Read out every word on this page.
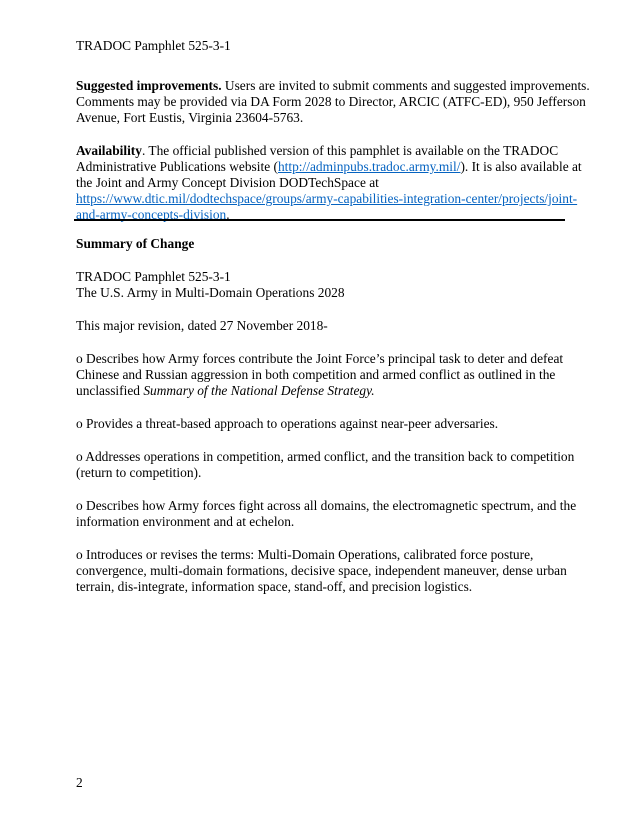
TRADOC Pamphlet 525-3-1

Suggested improvements. Users are invited to submit comments and suggested improvements.
Comments may be provided via DA Form 2028 to Director, ARCIC (ATFC-ED), 950 Jefferson
Avenue, Fort Eustis, Virginia 23604-5763.

Availability. The official published version of this pamphlet is available on the TRADOC
Administrative Publications website (http://adminpubs.tradoc.army.mil/). It is also available at
the Joint and Army Concept Division DODTechSpace at
https://www.dtic.mil/dodtechspace/groups/army-capabilities-integration-center/projects/joint-
and-army-concepts-division.

Summary of Change

TRADOC Pamphlet 525-3-1
The U.S. Army in Multi-Domain Operations 2028

This major revision, dated 27 November 2018-

o Describes how Army forces contribute the Joint Force’s principal task to deter and defeat
Chinese and Russian aggression in both competition and armed conflict as outlined in the
unclassified Summary of the National Defense Strategy.

o Provides a threat-based approach to operations against near-peer adversaries.

o Addresses operations in competition, armed conflict, and the transition back to competition
(return to competition).

o Describes how Army forces fight across all domains, the electromagnetic spectrum, and the
information environment and at echelon.

o Introduces or revises the terms: Multi-Domain Operations, calibrated force posture,
convergence, multi-domain formations, decisive space, independent maneuver, dense urban
terrain, dis-integrate, information space, stand-off, and precision logistics.

2
